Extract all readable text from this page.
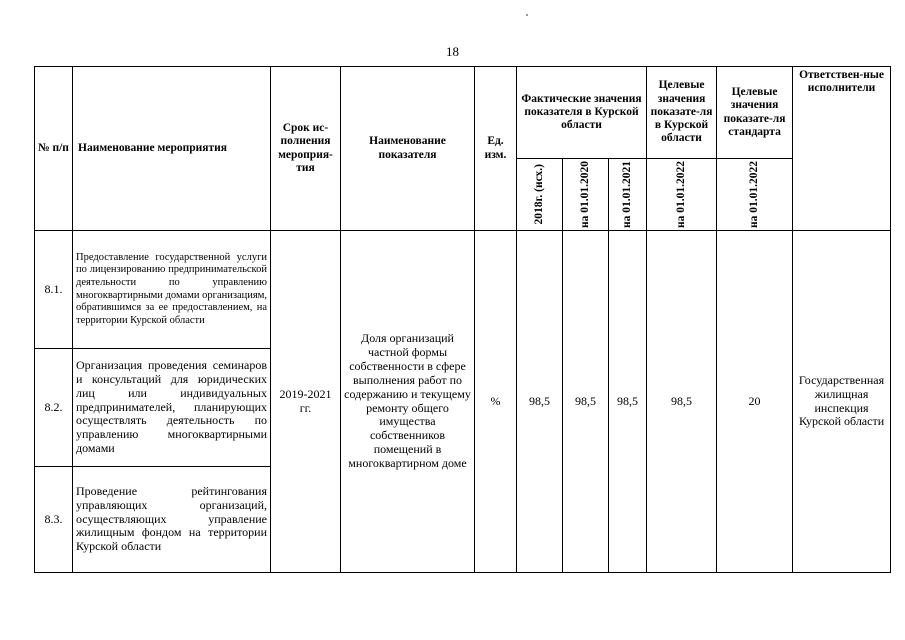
18
№ п/п	Наименование мероприятия	Срок ис-полнения мероприя-тия	Наименование показателя	Ед. изм.	Фактические значения показателя в Курской области			Целевые значения показате-ля в Курской области	Целевые значения показате-ля стандарта	Ответствен-ные исполнители

					2018г. (исх.)	на 01.01.2020	на 01.01.2021	на 01.01.2022	на 01.01.2022	

8.1.	Предоставление государственной услуги по лицензированию предпринимательской деятельности по управлению многоквартирными домами организациям, обратившимся за ее предоставлением, на территории Курской области	2019-2021 гг.	Доля организаций частной формы собственности в сфере выполнения работ по содержанию и текущему ремонту общего имущества собственников помещений в многоквартирном доме	%	98,5	98,5	98,5	98,5	20	Государственная жилищная инспекция Курской области
8.2.	Организация проведения семинаров и консультаций для юридических лиц или индивидуальных предпринимателей, планирующих осуществлять деятельность по управлению многоквартирными домами									
8.3.	Проведение рейтингования управляющих организаций, осуществляющих управление жилищным фондом на территории Курской области									
